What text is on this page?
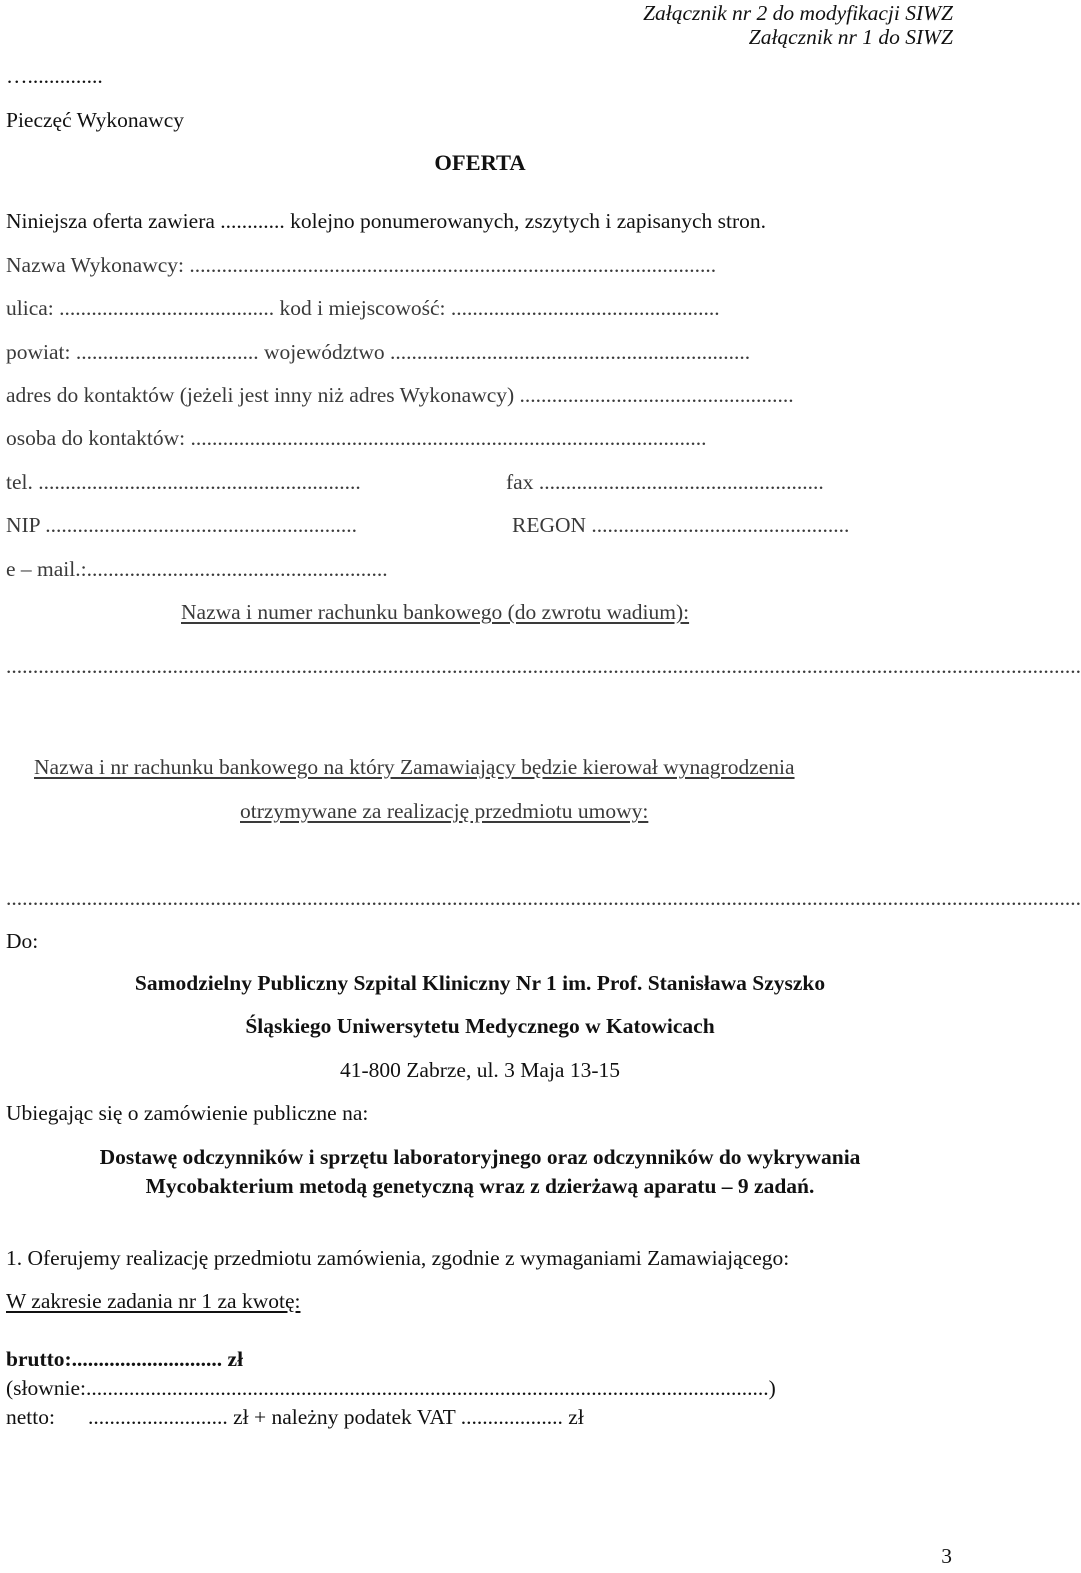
Załącznik nr 2 do modyfikacji SIWZ
Załącznik nr 1 do SIWZ
…..............
Pieczęć Wykonawcy
OFERTA
Niniejsza oferta zawiera ............ kolejno ponumerowanych, zszytych i zapisanych stron.
Nazwa Wykonawcy: ..................................................................................................
ulica: ........................................ kod i miejscowość: ..................................................
powiat: .................................. województwo ...................................................................
adres do kontaktów (jeżeli jest inny niż adres Wykonawcy) ...................................................
osoba do kontaktów: ................................................................................................
tel. ............................................................	fax .....................................................
NIP ..........................................................	REGON ................................................
e – mail.:........................................................
Nazwa i numer rachunku bankowego (do zwrotu wadium):
........................................................................................................................................................................................................
Nazwa i nr rachunku bankowego na który Zamawiający będzie kierował wynagrodzenia
otrzymywane za realizację przedmiotu umowy:
........................................................................................................................................................................................................
Do:
Samodzielny Publiczny Szpital Kliniczny Nr 1 im. Prof. Stanisława Szyszko
Śląskiego Uniwersytetu Medycznego w Katowicach
41-800 Zabrze, ul. 3 Maja 13-15
Ubiegając się o zamówienie publiczne na:
Dostawę odczynników i sprzętu laboratoryjnego oraz odczynników do wykrywania
Mycobakterium metodą genetyczną wraz z dzierżawą aparatu – 9 zadań.
1. Oferujemy realizację przedmiotu zamówienia, zgodnie z wymaganiami Zamawiającego:
W zakresie zadania nr 1 za kwotę:
brutto:............................ zł
(słownie:...............................................................................................................................)
netto: .......................... zł + należny podatek VAT ................... zł
3
